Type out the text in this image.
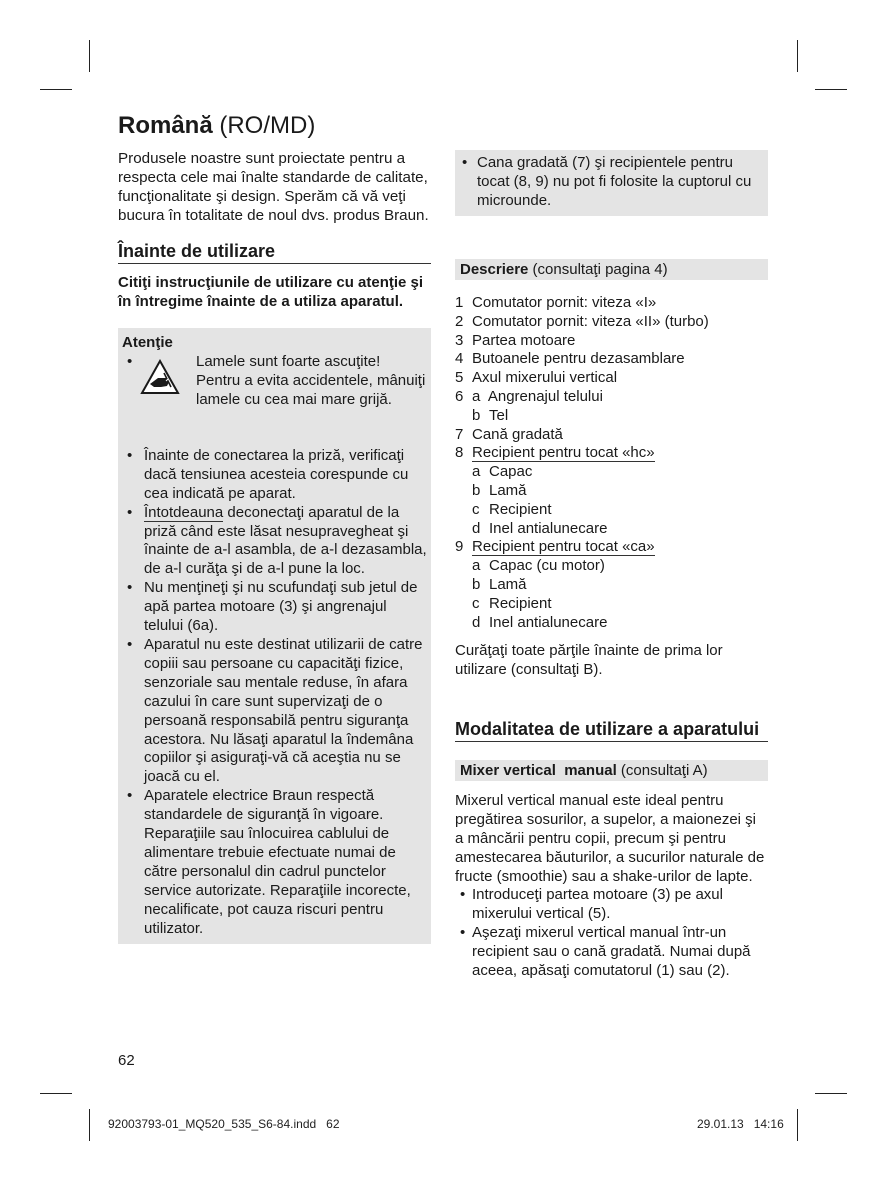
Română (RO/MD)

Produsele noastre sunt proiectate pentru a respecta cele mai înalte standarde de calitate, funcţionalitate şi design. Sperăm că vă veţi bucura în totalitate de noul dvs. produs Braun.

Înainte de utilizare

Citiţi instrucţiunile de utilizare cu atenţie şi în întregime înainte de a utiliza aparatul.

Atenţie
•	Lamele sunt foarte ascuţite! Pentru a evita accidentele, mânuiţi lamele cu cea mai mare grijă.
• Înainte de conectarea la priză, verificaţi dacă tensiunea acesteia corespunde cu cea indicată pe aparat.
• Întotdeauna deconectaţi aparatul de la priză când este lăsat nesupravegheat şi înainte de a-l asambla, de a-l dezasambla, de a-l curăţa şi de a-l pune la loc.
• Nu menţineţi şi nu scufundaţi sub jetul de apă partea motoare (3) şi angrenajul telului (6a).
• Aparatul nu este destinat utilizarii de catre copiii sau persoane cu capacităţi fizice, senzoriale sau mentale reduse, în afara cazului în care sunt supervizaţi de o persoană responsabilă pentru siguranţa acestora. Nu lăsaţi aparatul la îndemâna copiilor şi asiguraţi-vă că aceştia nu se joacă cu el.
• Aparatele electrice Braun respectă standardele de siguranţă în vigoare. Reparaţiile sau înlocuirea cablului de alimentare trebuie efectuate numai de către personalul din cadrul punctelor service autorizate. Reparaţiile incorecte, necalificate, pot cauza riscuri pentru utilizator.
• Cana gradată (7) şi recipientele pentru tocat (8, 9) nu pot fi folosite la cuptorul cu microunde.
Descriere (consultaţi pagina 4)
1 Comutator pornit: viteza «I»
2 Comutator pornit: viteza «II» (turbo)
3 Partea motoare
4 Butoanele pentru dezasamblare
5 Axul mixerului vertical
6 a  Angrenajul telului
b Tel
7 Cană gradată
8 Recipient pentru tocat «hc»
a Capac
b Lamă
c Recipient
d Inel antialunecare
9 Recipient pentru tocat «ca»
a Capac (cu motor)
b Lamă
c Recipient
d Inel antialunecare

Curăţaţi toate părţile înainte de prima lor utilizare (consultaţi B).

Modalitatea de utilizare a aparatului
Mixer vertical  manual (consultaţi A)

Mixerul vertical manual este ideal pentru pregătirea sosurilor, a supelor, a maionezei şi a mâncării pentru copii, precum şi pentru amestecarea băuturilor, a sucurilor naturale de fructe (smoothie) sau a shake-urilor de lapte.

• Introduceţi partea motoare (3) pe axul mixerului vertical (5).
• Aşezaţi mixerul vertical manual într-un recipient sau o cană gradată. Numai după aceea, apăsaţi comutatorul (1) sau (2).
62
92003793-01_MQ520_535_S6-84.indd   62	29.01.13   14:16
